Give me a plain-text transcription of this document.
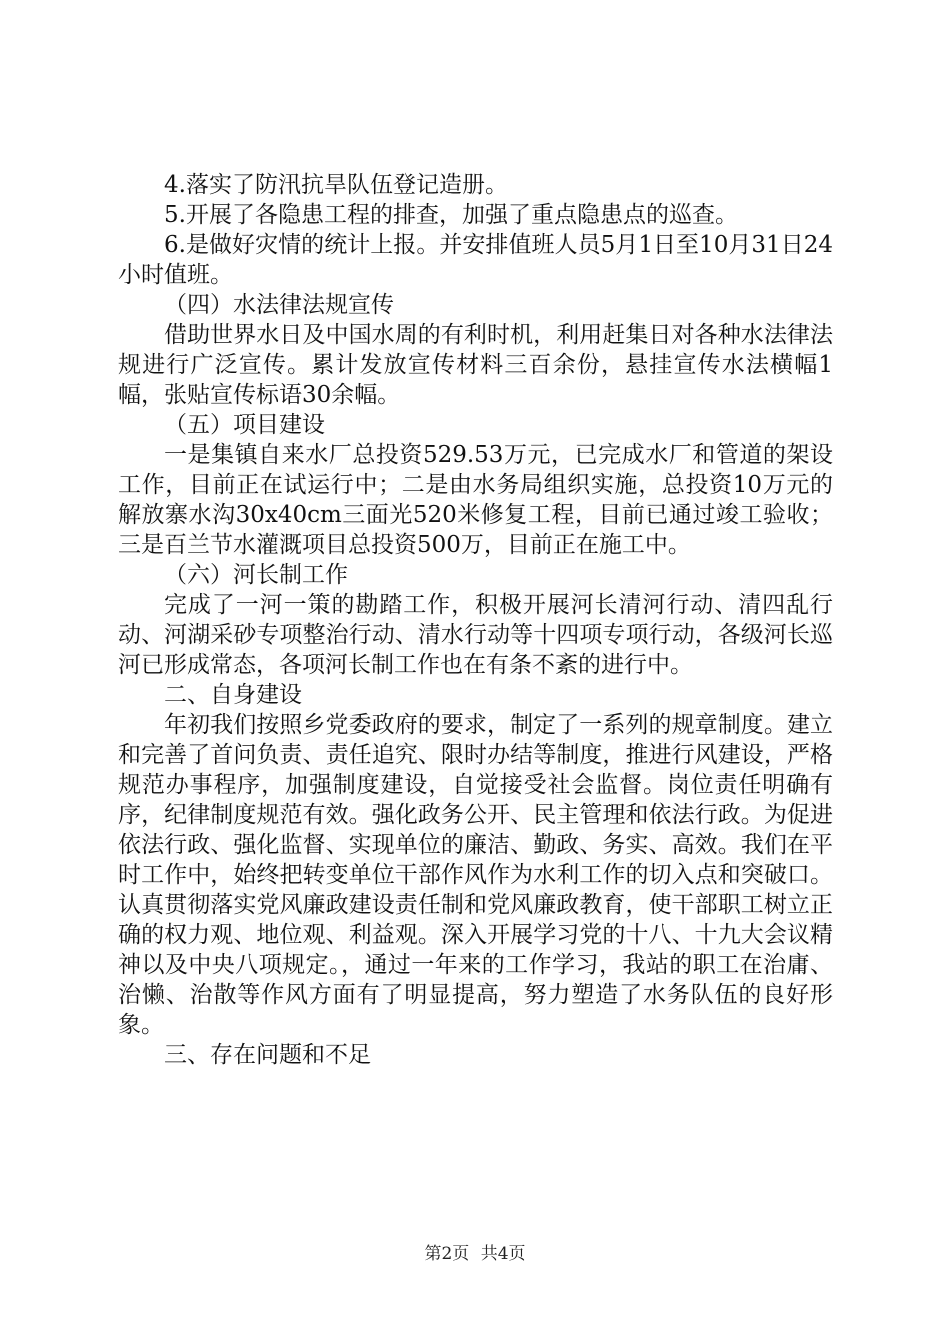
4.落实了防汛抗旱队伍登记造册。

5.开展了各隐患工程的排查，加强了重点隐患点的巡查。

6.是做好灾情的统计上报。并安排值班人员5月1日至10月31日24小时值班。

（四）水法律法规宣传

借助世界水日及中国水周的有利时机，利用赶集日对各种水法律法规进行广泛宣传。累计发放宣传材料三百余份，悬挂宣传水法横幅1幅，张贴宣传标语30余幅。

（五）项目建设

一是集镇自来水厂总投资529.53万元，已完成水厂和管道的架设工作，目前正在试运行中；二是由水务局组织实施，总投资10万元的解放寨水沟30x40cm三面光520米修复工程，目前已通过竣工验收；三是百兰节水灌溉项目总投资500万，目前正在施工中。

（六）河长制工作

完成了一河一策的勘踏工作，积极开展河长清河行动、清四乱行动、河湖采砂专项整治行动、清水行动等十四项专项行动，各级河长巡河已形成常态，各项河长制工作也在有条不紊的进行中。

二、自身建设

年初我们按照乡党委政府的要求，制定了一系列的规章制度。建立和完善了首问负责、责任追究、限时办结等制度，推进行风建设，严格规范办事程序，加强制度建设，自觉接受社会监督。岗位责任明确有序，纪律制度规范有效。强化政务公开、民主管理和依法行政。为促进依法行政、强化监督、实现单位的廉洁、勤政、务实、高效。我们在平时工作中，始终把转变单位干部作风作为水利工作的切入点和突破口。认真贯彻落实党风廉政建设责任制和党风廉政教育，使干部职工树立正确的权力观、地位观、利益观。深入开展学习党的十八、十九大会议精神以及中央八项规定。，通过一年来的工作学习，我站的职工在治庸、治懒、治散等作风方面有了明显提高，努力塑造了水务队伍的良好形象。

三、存在问题和不足

第2页 共4页
